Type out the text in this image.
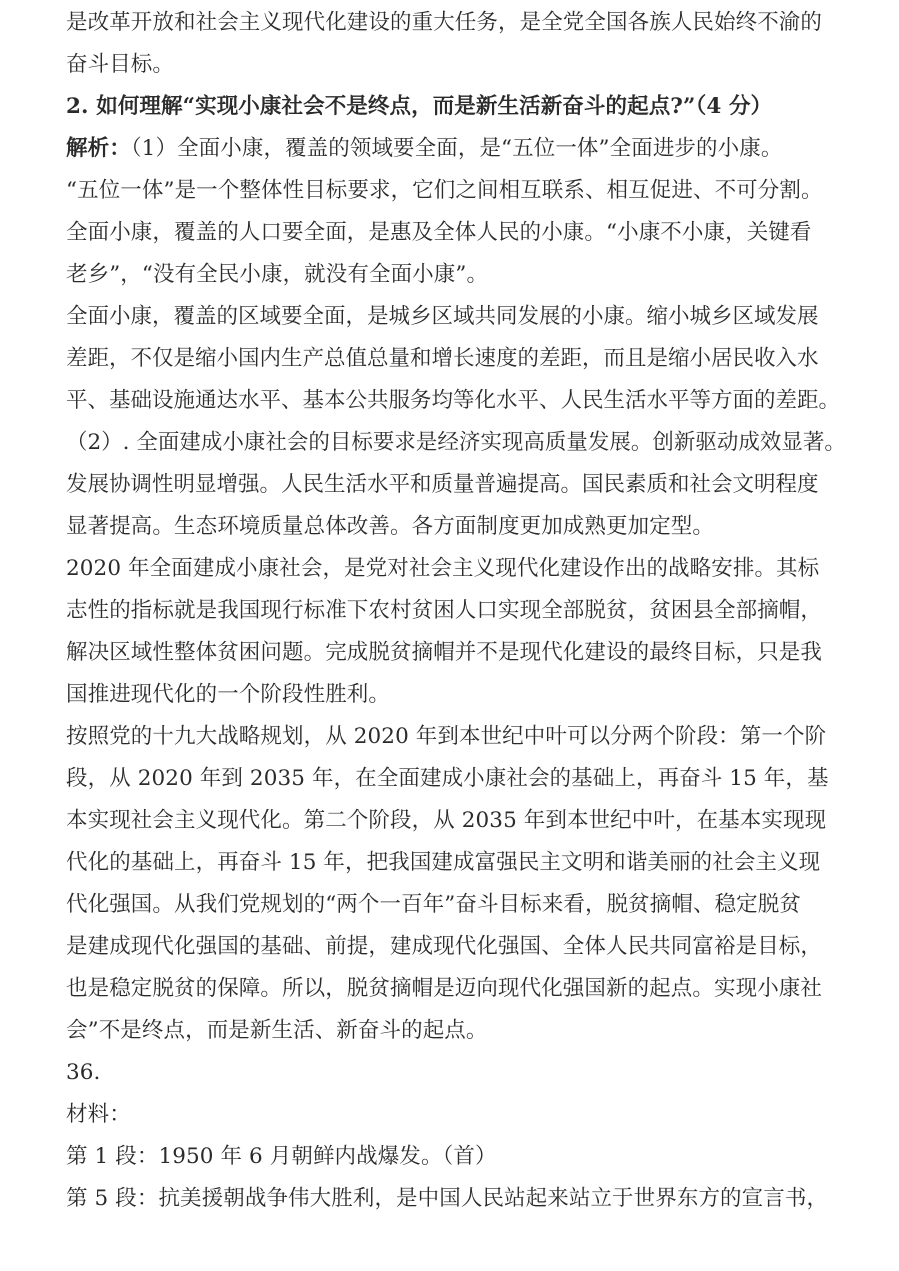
是改革开放和社会主义现代化建设的重大任务，是全党全国各族人民始终不渝的
奋斗目标。
2. 如何理解“实现小康社会不是终点，而是新生活新奋斗的起点?”（4 分）
解析：（1）全面小康，覆盖的领域要全面，是“五位一体”全面进步的小康。
“五位一体”是一个整体性目标要求，它们之间相互联系、相互促进、不可分割。
全面小康，覆盖的人口要全面，是惠及全体人民的小康。“小康不小康，关键看
老乡”，“没有全民小康，就没有全面小康”。
全面小康，覆盖的区域要全面，是城乡区域共同发展的小康。缩小城乡区域发展
差距，不仅是缩小国内生产总值总量和增长速度的差距，而且是缩小居民收入水
平、基础设施通达水平、基本公共服务均等化水平、人民生活水平等方面的差距。
（2）. 全面建成小康社会的目标要求是经济实现高质量发展。创新驱动成效显著。
发展协调性明显增强。人民生活水平和质量普遍提高。国民素质和社会文明程度
显著提高。生态环境质量总体改善。各方面制度更加成熟更加定型。
2020 年全面建成小康社会，是党对社会主义现代化建设作出的战略安排。其标
志性的指标就是我国现行标准下农村贫困人口实现全部脱贫，贫困县全部摘帽，
解决区域性整体贫困问题。完成脱贫摘帽并不是现代化建设的最终目标，只是我
国推进现代化的一个阶段性胜利。
按照党的十九大战略规划，从 2020 年到本世纪中叶可以分两个阶段：第一个阶
段，从 2020 年到 2035 年，在全面建成小康社会的基础上，再奋斗 15 年，基
本实现社会主义现代化。第二个阶段，从 2035 年到本世纪中叶，在基本实现现
代化的基础上，再奋斗 15 年，把我国建成富强民主文明和谐美丽的社会主义现
代化强国。从我们党规划的“两个一百年”奋斗目标来看，脱贫摘帽、稳定脱贫
是建成现代化强国的基础、前提，建成现代化强国、全体人民共同富裕是目标，
也是稳定脱贫的保障。所以，脱贫摘帽是迈向现代化强国新的起点。实现小康社
会”不是终点，而是新生活、新奋斗的起点。
36.
材料：
第 1 段：1950 年 6 月朝鲜内战爆发。（首）
第 5 段：抗美援朝战争伟大胜利，是中国人民站起来站立于世界东方的宣言书，
